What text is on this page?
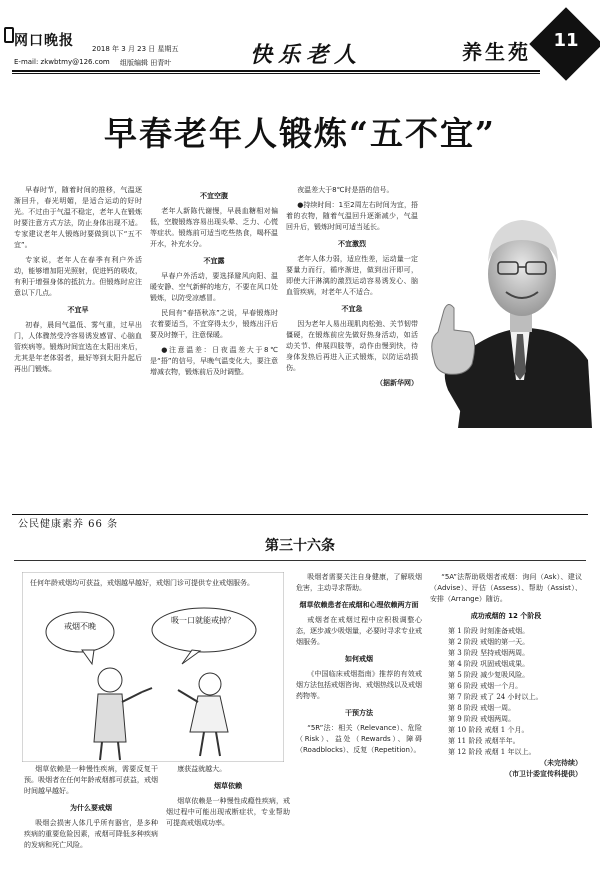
网口晚报	2018 年 3 月 23 日 星期五
E-mail: zkwbtmy@126.com 组版编辑 田青叶	快乐老人	养生苑 11
早春老年人锻炼“五不宜”

早春时节，随着时间的推移，气温逐渐回升，春光明媚，是适合运动的好时光。不过由于气温不稳定，老年人在锻炼时要注意方式方法，防止身体出现不适。专家建议老年人锻炼时要做到以下“五不宜”。

专家说，老年人在春季有利户外活动，能够增加阳光照射，促进钙的吸收，有利于增强身体的抵抗力。但锻炼时应注意以下几点。

不宜早

初春，晨间气温低、雾气重，过早出门，人体骤然受冷容易诱发感冒、心脑血管疾病等。锻炼时间宜选在太阳出来后，尤其是年老体弱者，最好等到太阳升起后再出门锻炼。

不宜空腹

老年人新陈代谢慢，早晨血糖相对偏低，空腹锻炼容易出现头晕、乏力、心慌等症状。锻炼前可适当吃些热食，喝杯温开水，补充水分。

不宜露

早春户外活动，要选择避风向阳、温暖安静、空气新鲜的地方，不要在风口处锻炼，以防受凉感冒。

民间有“春捂秋冻”之说，早春锻炼时衣着要适当，不宜穿得太少，锻炼出汗后要及时擦干，注意保暖。

●注意温差：日夜温差大于8℃是“捂”的信号，早晚气温变化大，要注意增减衣物，锻炼前后及时调整。

夜温差大于8℃时是捂的信号。

●持续时间：1至2周左右时间为宜，捂着的衣物，随着气温回升逐渐减少，气温回升后，锻炼时间可适当延长。

不宜激烈

老年人体力弱，适应性差，运动量一定要量力而行，循序渐进，做到出汗即可，即使大汗淋漓的激烈运动容易诱发心、脑血管疾病，对老年人不适合。

不宜急

因为老年人易出现肌肉松弛、关节韧带僵硬，在锻炼前应先做好热身活动，如活动关节、伸展四肢等，动作由慢到快，待身体发热后再进入正式锻炼，以防运动损伤。

（据新华网）
公民健康素养 66 条
第三十六条
任何年龄戒烟均可获益，戒烟越早越好，戒烟门诊可提供专业戒烟服务。
戒烟不晚
吸一口就能戒掉？

烟草依赖是一种慢性疾病，需要反复干预。吸烟者在任何年龄戒烟都可获益，戒烟时间越早越好。

为什么要戒烟

吸烟会损害人体几乎所有器官，是多种疾病的重要危险因素，戒烟可降低多种疾病的发病和死亡风险。

康获益就越大。

烟草依赖

烟草依赖是一种慢性成瘾性疾病，戒烟过程中可能出现戒断症状，专业帮助可提高戒烟成功率。

吸烟者需要关注自身健康，了解吸烟危害，主动寻求帮助。

烟草依赖患者在戒烟和心理依赖两方面

戒烟者在戒烟过程中应积极调整心态，逐步减少吸烟量，必要时寻求专业戒烟服务。

如何戒烟

《中国临床戒烟指南》推荐的有效戒烟方法包括戒烟咨询、戒烟热线以及戒烟药物等。

干预方法

“5R”法：相关（Relevance）、危险（Risk）、益处（Rewards）、障碍（Roadblocks）、反复（Repetition）。

“5A”法帮助吸烟者戒烟：询问（Ask）、建议（Advise）、评估（Assess）、帮助（Assist）、安排（Arrange）随访。

成功戒烟的 12 个阶段
第 1 阶段 时刻准备戒烟。
第 2 阶段 戒烟的第一天。
第 3 阶段 坚持戒烟两周。
第 4 阶段 巩固戒烟成果。
第 5 阶段 减少复吸风险。
第 6 阶段 戒烟一个月。
第 7 阶段 戒了 24 小时以上。
第 8 阶段 戒烟一周。
第 9 阶段 戒烟两周。
第 10 阶段 戒烟 1 个月。
第 11 阶段 戒烟半年。
第 12 阶段 戒烟 1 年以上。
（未完待续）
（市卫计委宣传科提供）
